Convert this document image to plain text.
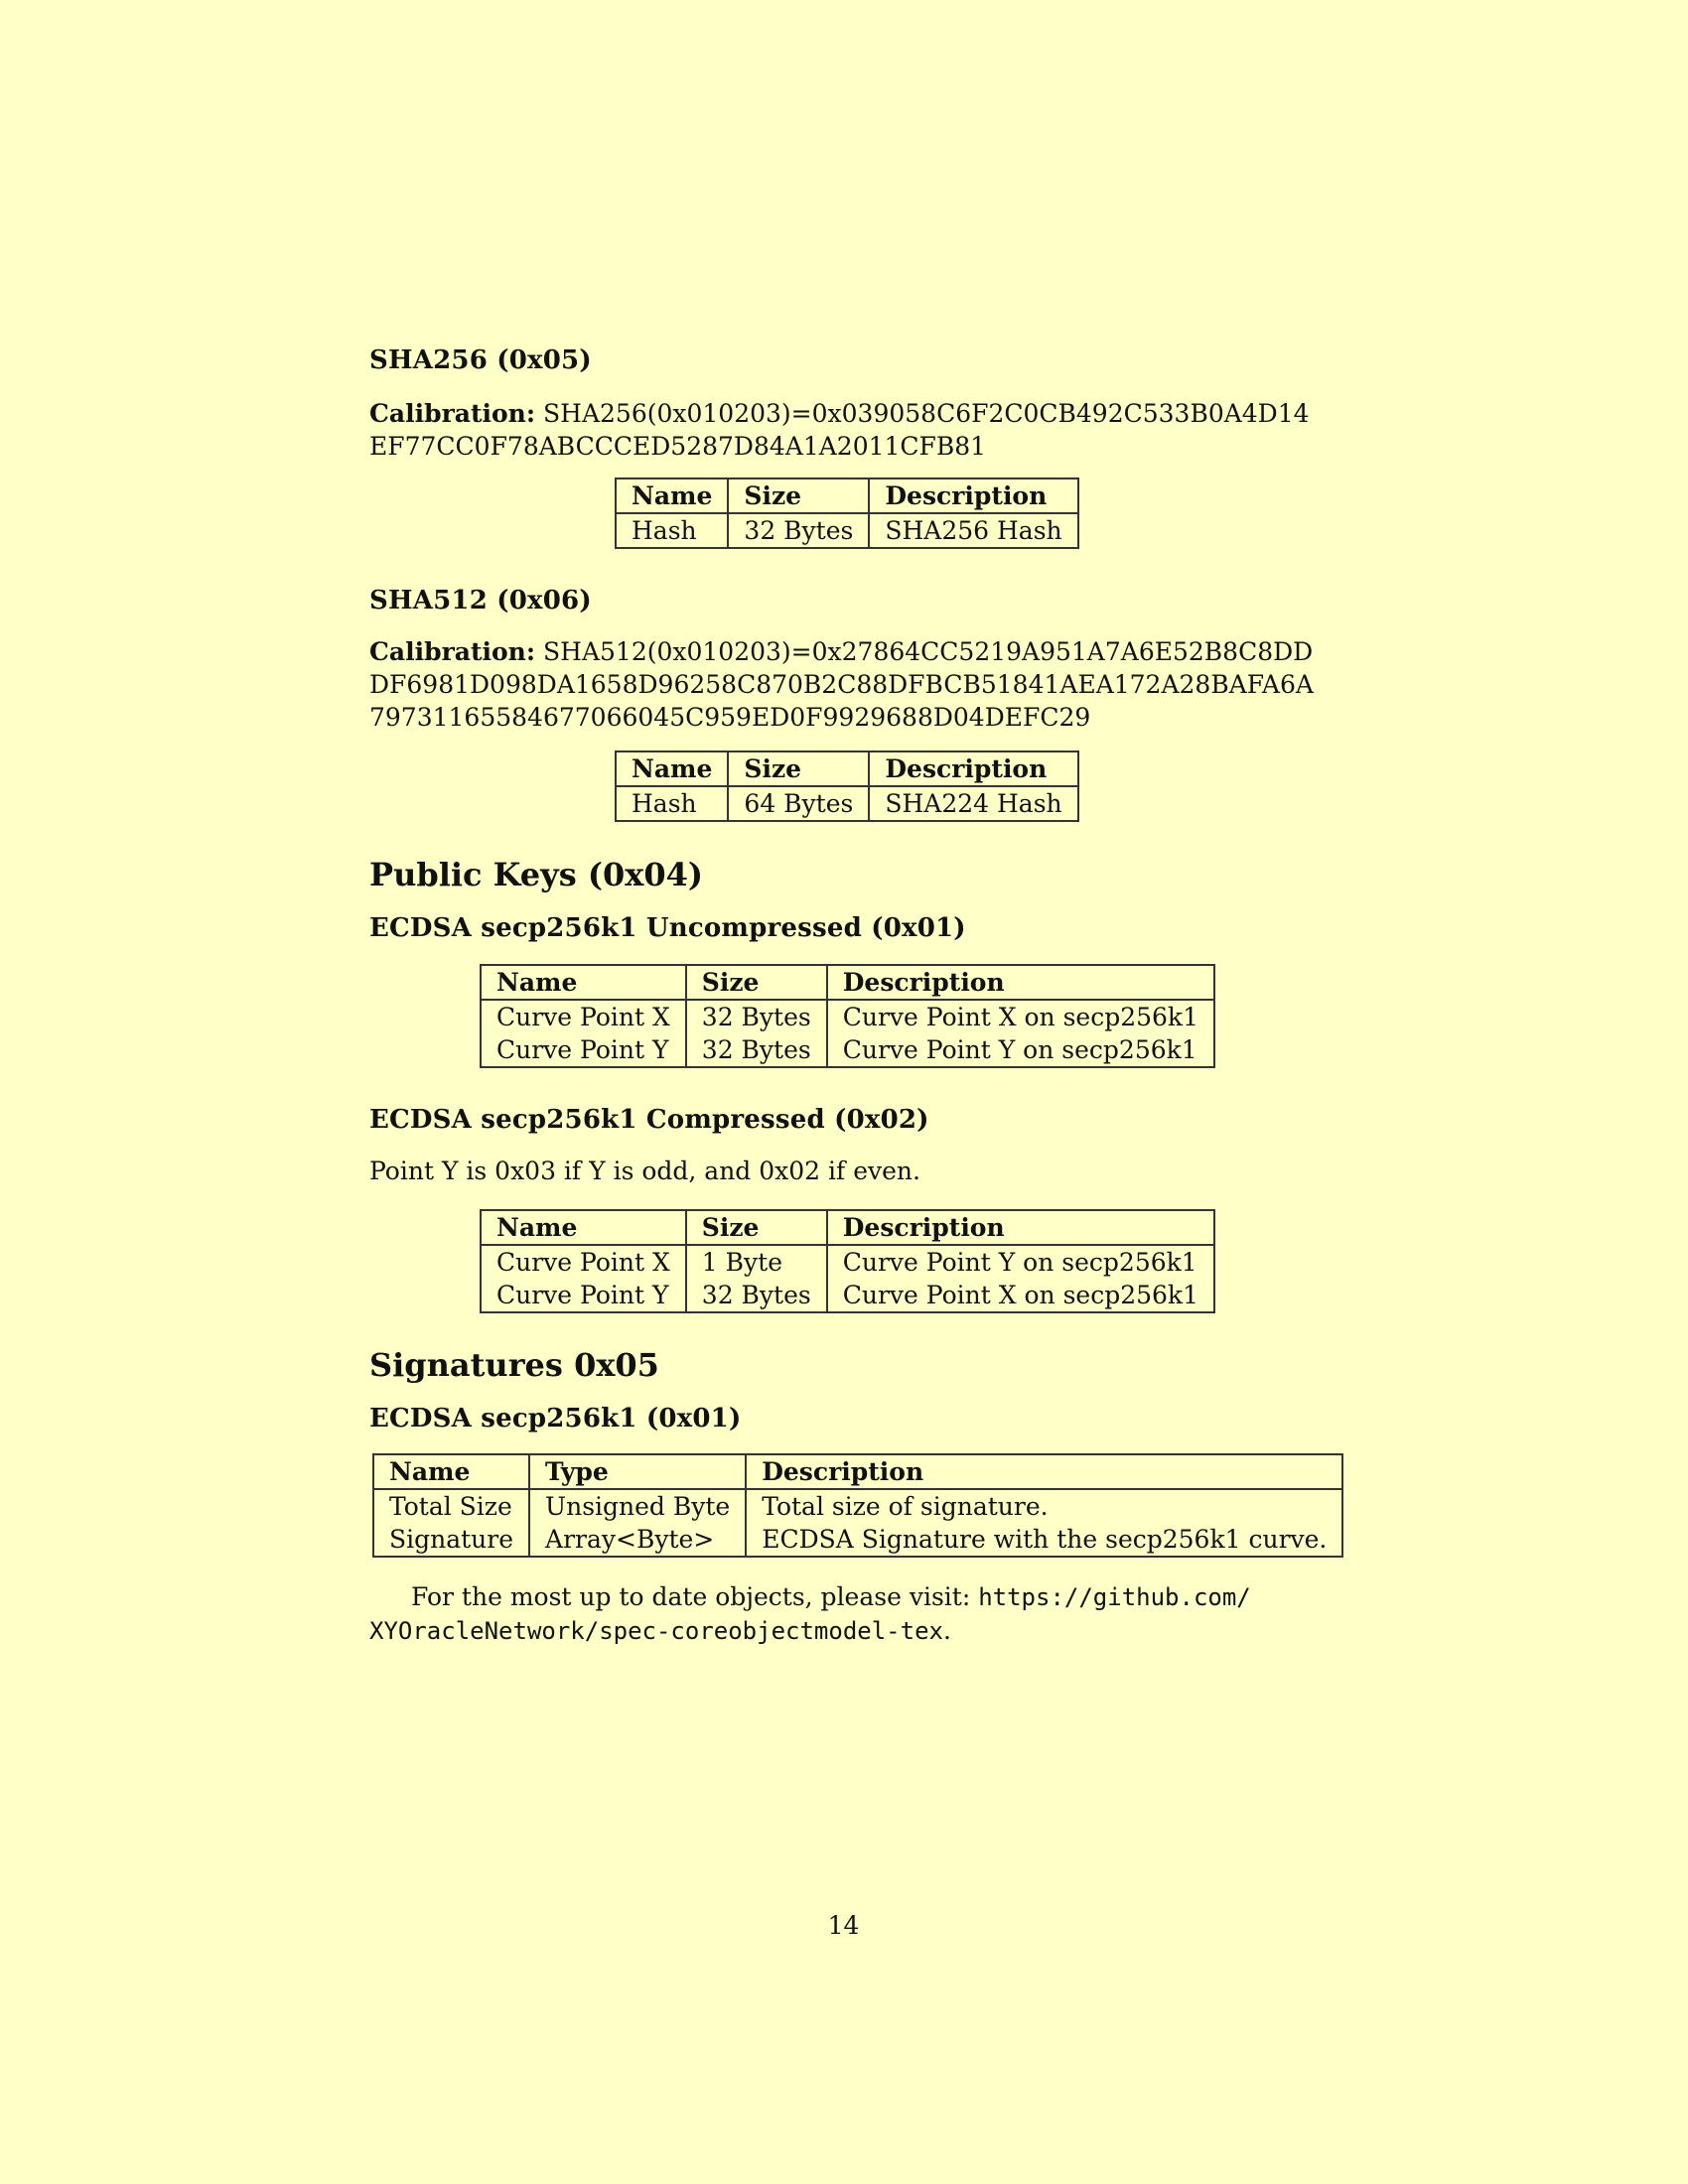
SHA256 (0x05)

Calibration: SHA256(0x010203)=0x039058C6F2C0CB492C533B0A4D14EF77CC0F78ABCCCED5287D84A1A2011CFB81

Name	Size	Description
Hash	32 Bytes	SHA256 Hash
SHA512 (0x06)

Calibration: SHA512(0x010203)=0x27864CC5219A951A7A6E52B8C8DDDF6981D098DA1658D96258C870B2C88DFBCB51841AEA172A28BAFA6A79731165584677066045C959ED0F9929688D04DEFC29

Name	Size	Description
Hash	64 Bytes	SHA224 Hash
Public Keys (0x04)
ECDSA secp256k1 Uncompressed (0x01)
Name	Size	Description
Curve Point X	32 Bytes	Curve Point X on secp256k1
Curve Point Y	32 Bytes	Curve Point Y on secp256k1
ECDSA secp256k1 Compressed (0x02)

Point Y is 0x03 if Y is odd, and 0x02 if even.

Name	Size	Description
Curve Point X	1 Byte	Curve Point Y on secp256k1
Curve Point Y	32 Bytes	Curve Point X on secp256k1
Signatures 0x05
ECDSA secp256k1 (0x01)
Name	Type	Description
Total Size	Unsigned Byte	Total size of signature.
Signature	Array<Byte>	ECDSA Signature with the secp256k1 curve.

For the most up to date objects, please visit: https://github.com/
XYOracleNetwork/spec-coreobjectmodel-tex.

14
